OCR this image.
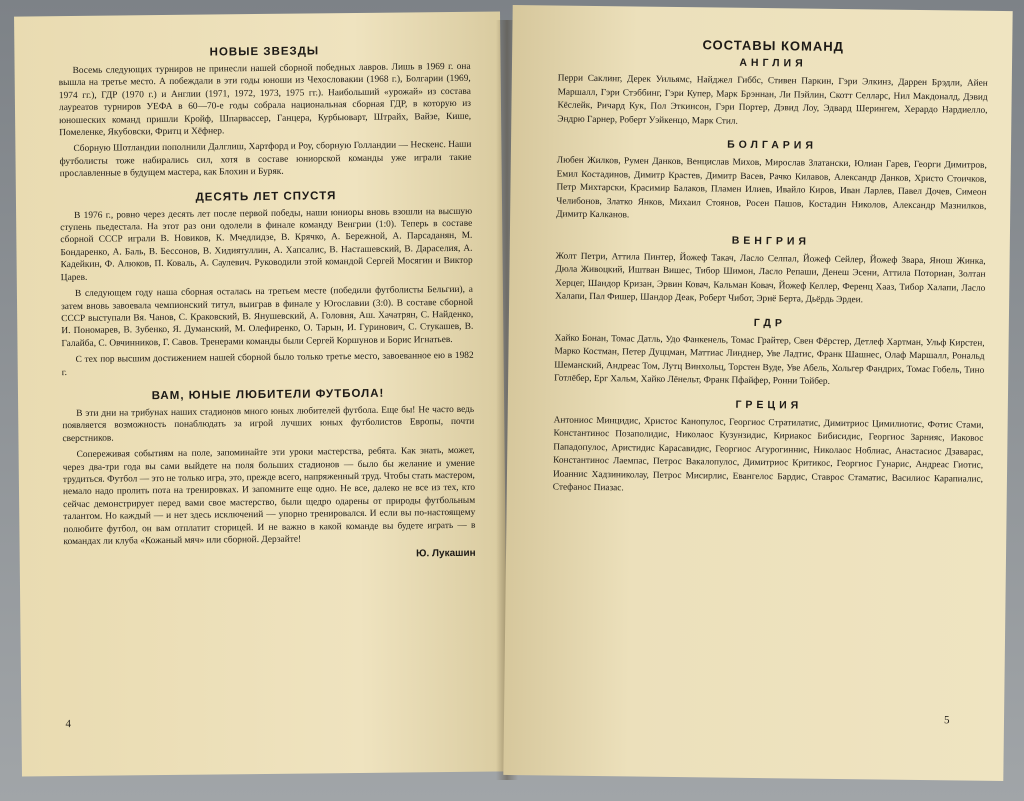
НОВЫЕ ЗВЕЗДЫ

Восемь следующих турниров не принесли нашей сборной победных лавров. Лишь в 1969 г. она вышла на третье место. А побеждали в эти годы юноши из Чехословакии (1968 г.), Болгарии (1969, 1974 гг.), ГДР (1970 г.) и Англии (1971, 1972, 1973, 1975 гг.). Наибольший «урожай» из состава лауреатов турниров УЕФА в 60—70-е годы собрала национальная сборная ГДР, в которую из юношеских команд пришли Кройф, Шпарвассер, Ганцера, Курбьюварт, Штрайх, Вайзе, Кише, Помеленке, Якубовски, Фритц и Хёфнер.

Сборную Шотландии пополнили Далглиш, Хартфорд и Роу, сборную Голландии — Нескенс. Наши футболисты тоже набирались сил, хотя в составе юниорской команды уже играли такие прославленные в будущем мастера, как Блохин и Буряк.

ДЕСЯТЬ ЛЕТ СПУСТЯ

В 1976 г., ровно через десять лет после первой победы, наши юниоры вновь взошли на высшую ступень пьедестала. На этот раз они одолели в финале команду Венгрии (1:0). Теперь в составе сборной СССР играли В. Новиков, К. Мчедлидзе, В. Крячко, А. Бережной, А. Парсаданян, М. Бондаренко, А. Баль, В. Бессонов, В. Хидиятуллин, А. Хапсалис, В. Насташевский, В. Дараселия, А. Кадейкин, Ф. Алюков, П. Коваль, А. Саулевич. Руководили этой командой Сергей Мосягин и Виктор Царев.

В следующем году наша сборная осталась на третьем месте (победили футболисты Бельгии), а затем вновь завоевала чемпионский титул, выиграв в финале у Югославии (3:0). В составе сборной СССР выступали Вя. Чанов, С. Краковский, В. Янушевский, А. Головня, Аш. Хачатрян, С. Найденко, И. Пономарев, В. Зубенко, Я. Думанский, М. Олефиренко, О. Тарын, И. Гуринович, С. Стукашев, В. Галайба, С. Овчинников, Г. Савов. Тренерами команды были Сергей Коршунов и Борис Игнатьев.

С тех пор высшим достижением нашей сборной было только третье место, завоеванное ею в 1982 г.

ВАМ, ЮНЫЕ ЛЮБИТЕЛИ ФУТБОЛА!

В эти дни на трибунах наших стадионов много юных любителей футбола. Еще бы! Не часто ведь появляется возможность понаблюдать за игрой лучших юных футболистов Европы, почти сверстников.

Сопереживая событиям на поле, запоминайте эти уроки мастерства, ребята. Как знать, может, через два-три года вы сами выйдете на поля больших стадионов — было бы желание и умение трудиться. Футбол — это не только игра, это, прежде всего, напряженный труд. Чтобы стать мастером, немало надо пролить пота на тренировках. И запомните еще одно. Не все, далеко не все из тех, кто сейчас демонстрирует перед вами свое мастерство, были щедро одарены от природы футбольным талантом. Но каждый — и нет здесь исключений — упорно тренировался. И если вы по-настоящему полюбите футбол, он вам отплатит сторицей. И не важно в какой команде вы будете играть — в командах ли клуба «Кожаный мяч» или сборной. Дерзайте!

Ю. Лукашин
4
СОСТАВЫ КОМАНД
АНГЛИЯ

Перри Саклинг, Дерек Уильямс, Найджел Гиббс, Стивен Паркин, Гэри Элкинз, Даррен Брэдли, Айен Маршалл, Гэри Стэббинг, Гэри Купер, Марк Брэннан, Ли Пэйлин, Скотт Селларс, Нил Макдоналд, Дэвид Кёслейк, Ричард Кук, Пол Эткинсон, Гэри Портер, Дэвид Лоу, Эдвард Шерингем, Херардо Нардиелло, Эндрю Гарнер, Роберт Уэйкенцо, Марк Стил.

БОЛГАРИЯ

Любен Жилков, Румен Данков, Венцислав Михов, Мирослав Златански, Юлиан Гарев, Георги Димитров, Емил Костадинов, Димитр Крастев, Димитр Васев, Рачко Килавов, Александр Данков, Христо Стоичков, Петр Михтарски, Красимир Балаков, Пламен Илиев, Ивайло Киров, Иван Ларлев, Павел Дочев, Симеон Челибонов, Златко Янков, Михаил Стоянов, Росен Пашов, Костадин Николов, Александр Мазнилков, Димитр Калканов.

ВЕНГРИЯ

Жолт Петри, Аттила Пинтер, Йожеф Такач, Ласло Селпал, Йожеф Сейлер, Йожеф Звара, Янош Жинка, Дюла Живоцкий, Иштван Вишес, Тибор Шимон, Ласло Репаши, Денеш Эсени, Аттила Поториан, Золтан Херцег, Шандор Кризан, Эрвин Ковач, Кальман Ковач, Йожеф Келлер, Ференц Хааз, Тибор Халапи, Ласло Халапи, Пал Фишер, Шандор Деак, Роберт Чибот, Эрнё Берта, Дьёрдь Эрдеи.

ГДР

Хайко Бонан, Томас Датль, Удо Фанкенель, Томас Грайтер, Свен Фёрстер, Детлеф Хартман, Ульф Кирстен, Марко Костман, Петер Дуццман, Маттиас Линднер, Уве Ладтис, Франк Шашнес, Олаф Маршалл, Рональд Шеманский, Андреас Том, Лутц Винхольц, Торстен Вуде, Уве Абель, Хольгер Фандрих, Томас Гобель, Тино Готлёбер, Ерг Хальм, Хайко Лёнельт, Франк Пфайфер, Ронни Тойбер.

ГРЕЦИЯ

Антониос Минцидис, Христос Канопулос, Георгиос Стратилатис, Димитриос Цимилиотис, Фотис Стами, Константинос Позаполидис, Николаос Кузунзидис, Кириакос Бибисидис, Георгиос Зарнияс, Иаковос Пападопулос, Аристидис Карасавидис, Георгиос Агурогиннис, Николаос Ноблиас, Анастасиос Дзаварас, Константинос Лаемпас, Петрос Вакалопулос, Димитриос Критикос, Георгиос Гунарис, Андреас Гиотис, Иоаннис Хадзиниколау, Петрос Мисирлис, Евангелос Бардис, Ставрос Стаматис, Василиос Карапиалис, Стефанос Пиазас.

5
